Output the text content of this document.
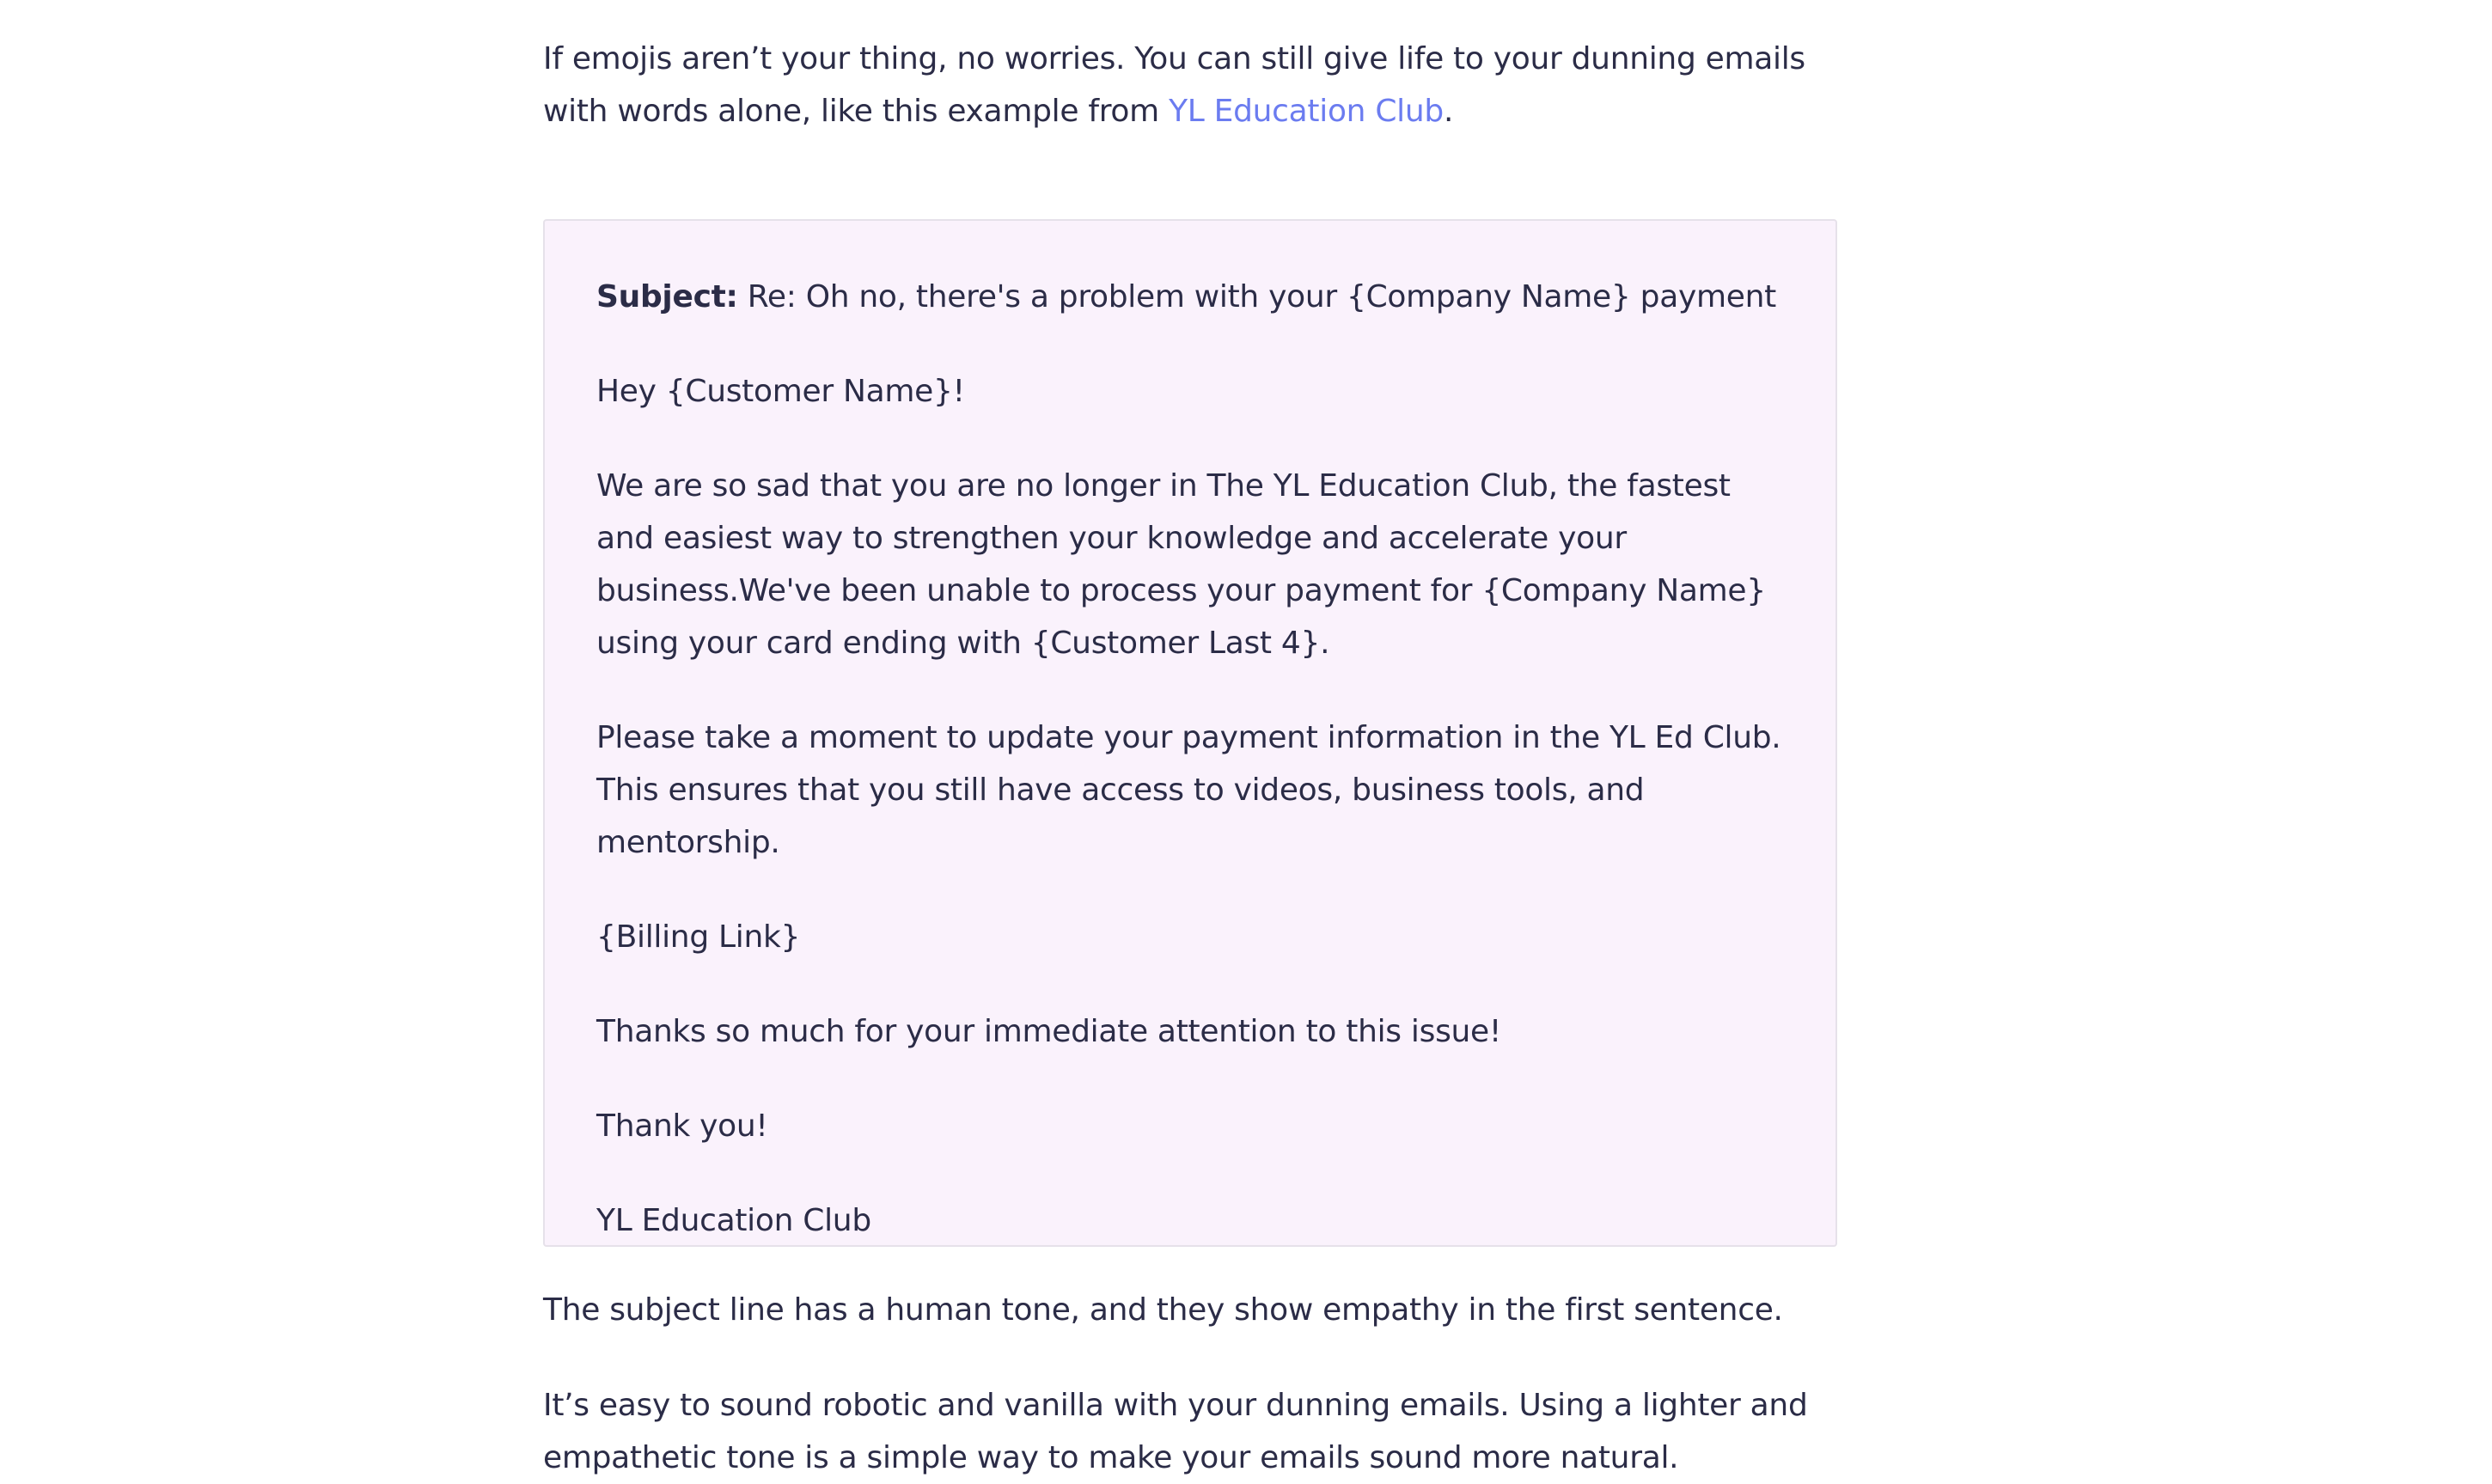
If emojis aren’t your thing, no worries. You can still give life to your dunning emails with words alone, like this example from YL Education Club.

Subject: Re: Oh no, there's a problem with your {Company Name} payment

Hey {Customer Name}!

We are so sad that you are no longer in The YL Education Club, the fastest and easiest way to strengthen your knowledge and accelerate your business.We've been unable to process your payment for {Company Name} using your card ending with {Customer Last 4}.

Please take a moment to update your payment information in the YL Ed Club. This ensures that you still have access to videos, business tools, and mentorship.

{Billing Link}

Thanks so much for your immediate attention to this issue!

Thank you!

YL Education Club

The subject line has a human tone, and they show empathy in the first sentence.

It’s easy to sound robotic and vanilla with your dunning emails. Using a lighter and empathetic tone is a simple way to make your emails sound more natural.
